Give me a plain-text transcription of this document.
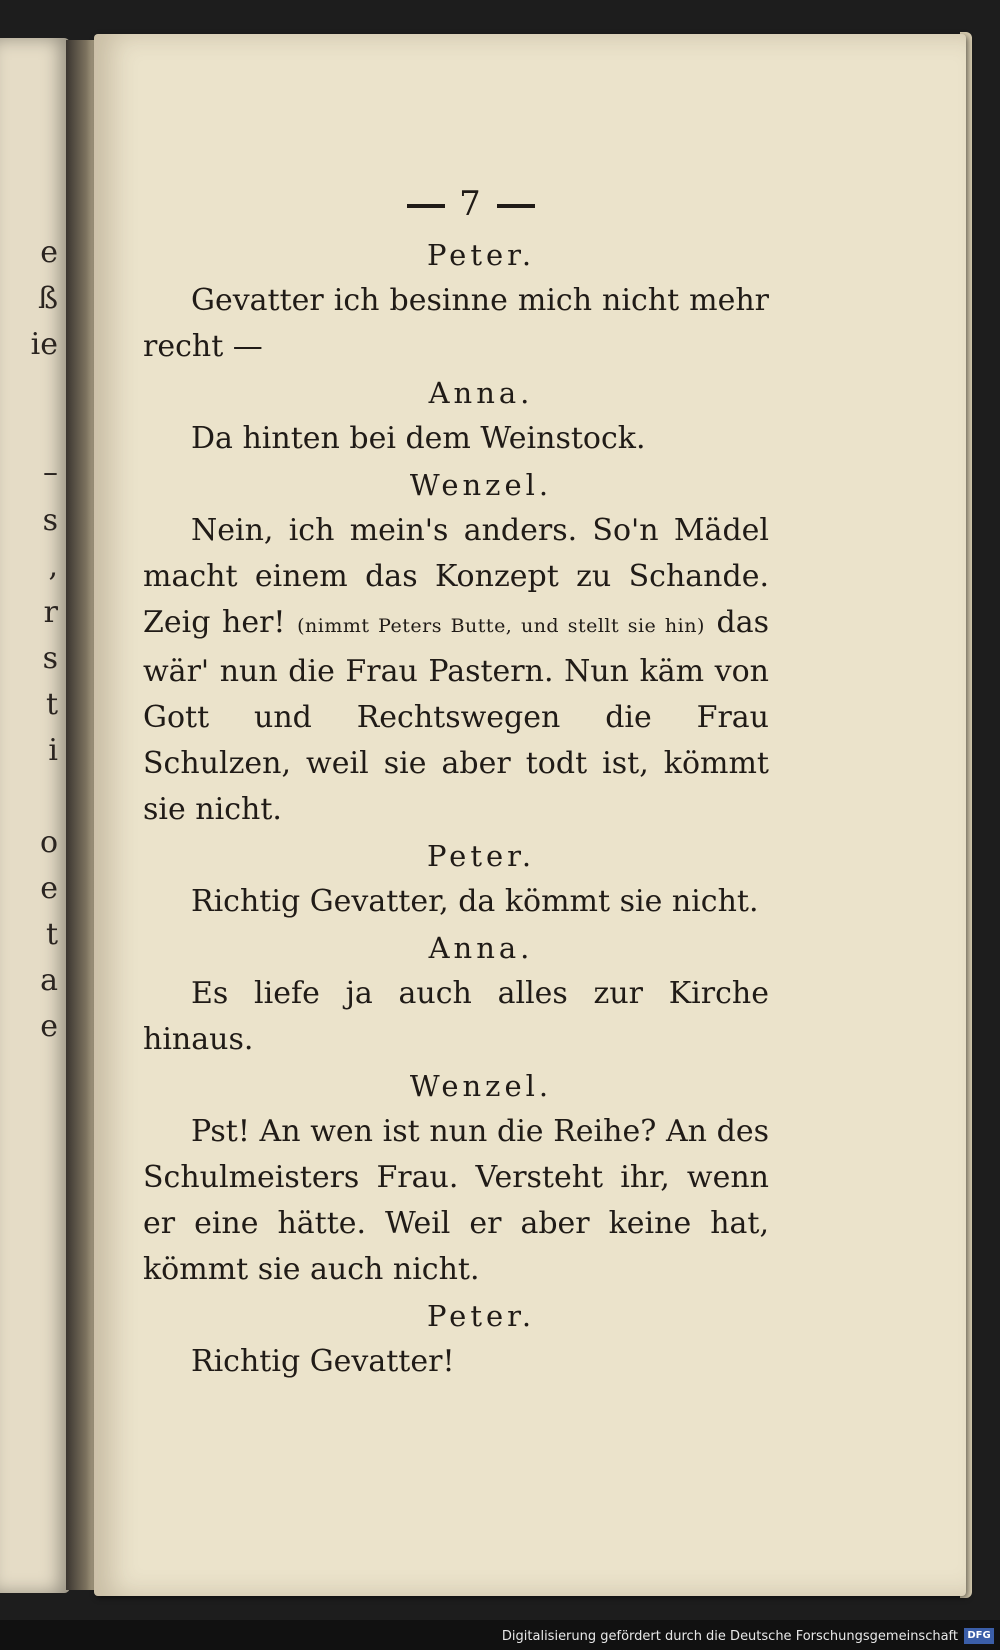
e
ß
ie
–
s
,
r
s
t
i
o
e
t
a
e
7
Peter.

Gevatter ich besinne mich nicht mehr recht —

Anna.

Da hinten bei dem Weinstock.

Wenzel.

Nein, ich mein's anders. So'n Mädel macht einem das Konzept zu Schande. Zeig her! (nimmt Peters Butte, und stellt sie hin) das wär' nun die Frau Pastern. Nun käm von Gott und Rechtswegen die Frau Schulzen, weil sie aber todt ist, kömmt sie nicht.

Peter.

Richtig Gevatter, da kömmt sie nicht.

Anna.

Es liefe ja auch alles zur Kirche hinaus.

Wenzel.

Pst! An wen ist nun die Reihe? An des Schulmeisters Frau. Versteht ihr, wenn er eine hätte. Weil er aber keine hat, kömmt sie auch nicht.

Peter.

Richtig Gevatter!

Digitalisierung gefördert durch die Deutsche Forschungsgemeinschaft DFG
